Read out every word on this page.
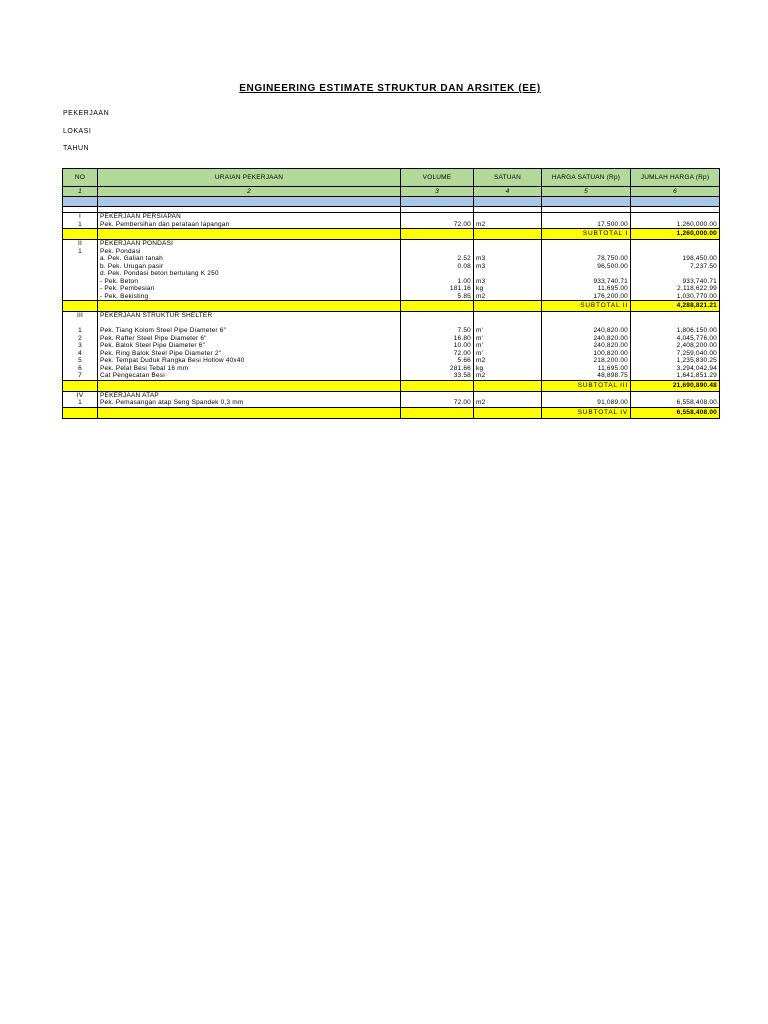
ENGINEERING ESTIMATE STRUKTUR DAN ARSITEK (EE)
PEKERJAAN
LOKASI
TAHUN
NO	URAIAN PEKERJAAN	VOLUME	SATUAN	HARGA SATUAN (Rp)	JUMLAH HARGA (Rp)
1	2	3	4	5	6

I	PEKERJAAN PERSIAPAN				
1	Pek. Pembersihan dan perataan lapangan	72.00	m2	17,500.00	1,260,000.00
				SUBTOTAL I	1,260,000.00
II	PEKERJAAN PONDASI				
1	Pek. Pondasi				
	a. Pek. Galian tanah	2.52	m3	78,750.00	198,450.00
	b. Pek. Urugan pasir	0.08	m3	96,500.00	7,237.50
	d. Pek. Pondasi beton bertulang K 250				
	- Pek. Beton	1.00	m3	933,740.71	933,740.71
	- Pek. Pembesian	181.16	kg	11,695.00	2,118,622.99
	- Pek. Bekisting	5.85	m2	176,200.00	1,030,770.00
				SUBTOTAL II	4,288,821.21
III	PEKERJAAN STRUKTUR SHELTER				

1	Pek. Tiang Kolom Steel Pipe Diameter 6"	7.50	m'	240,820.00	1,806,150.00
2	Pek. Rafter Steel Pipe Diameter 6"	16.80	m'	240,820.00	4,045,776.00
3	Pek. Balok Steel Pipe Diameter 6"	10.00	m'	240,820.00	2,408,200.00
4	Pek. Ring Balok Steel Pipe Diameter 2"	72.00	m'	100,820.00	7,259,040.00
5	Pek. Tempat Duduk Rangka Besi Hollow 40x40	5.66	m2	218,200.00	1,235,830.25
6	Pek. Pelat Besi Tebal 16 mm	281.66	kg	11,695.00	3,294,042.94
7	Cat Pengecatan Besi	33.58	m2	48,898.75	1,641,851.29
				SUBTOTAL III	21,690,890.48
IV	PEKERJAAN ATAP				
1	Pek. Pemasangan atap Seng Spandek 0,3 mm	72.00	m2	91,089.00	6,558,408.00
				SUBTOTAL IV	6,558,408.00
